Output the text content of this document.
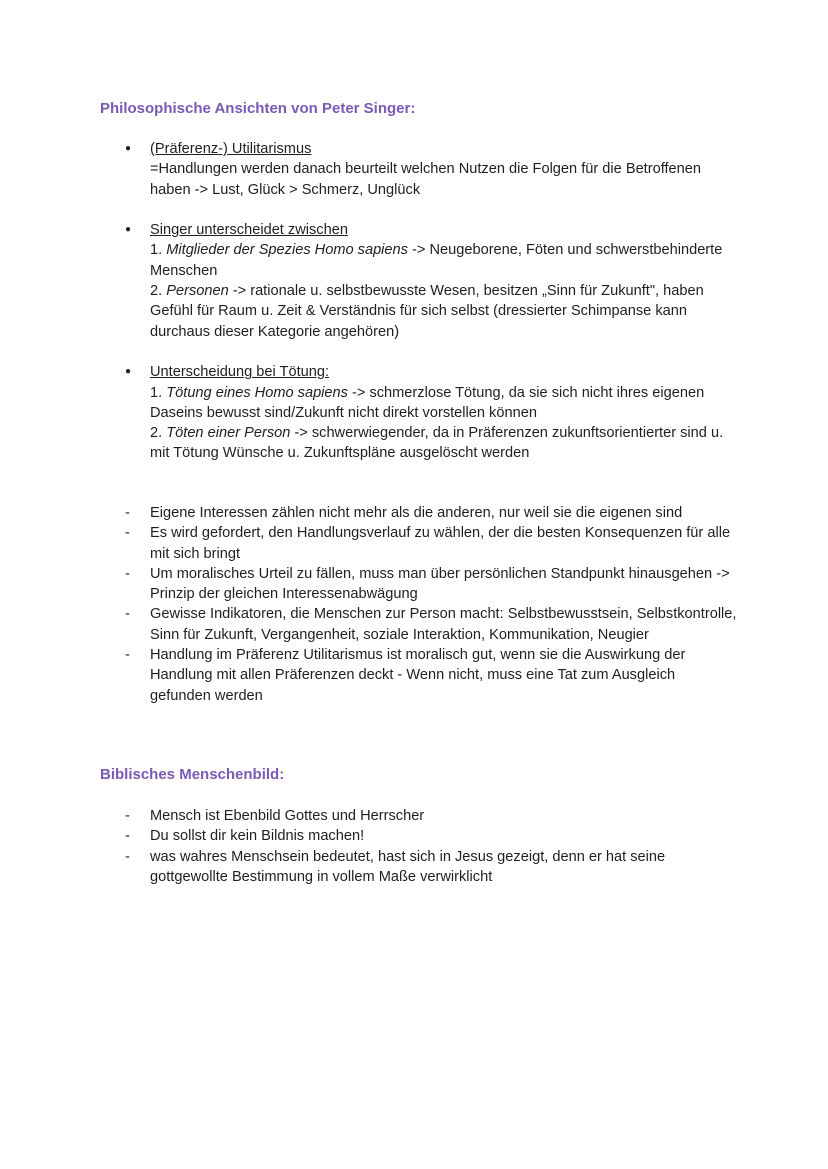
Philosophische Ansichten von Peter Singer:
● (Präferenz-) Utilitarismus
=Handlungen werden danach beurteilt welchen Nutzen die Folgen für die Betroffenen haben -> Lust, Glück > Schmerz, Unglück
● Singer unterscheidet zwischen
1. Mitglieder der Spezies Homo sapiens -> Neugeborene, Föten und schwerstbehinderte Menschen
2. Personen -> rationale u. selbstbewusste Wesen, besitzen „Sinn für Zukunft", haben Gefühl für Raum u. Zeit & Verständnis für sich selbst (dressierter Schimpanse kann durchaus dieser Kategorie angehören)
● Unterscheidung bei Tötung:
1. Tötung eines Homo sapiens -> schmerzlose Tötung, da sie sich nicht ihres eigenen Daseins bewusst sind/Zukunft nicht direkt vorstellen können
2. Töten einer Person -> schwerwiegender, da in Präferenzen zukunftsorientierter sind u. mit Tötung Wünsche u. Zukunftspläne ausgelöscht werden
- Eigene Interessen zählen nicht mehr als die anderen, nur weil sie die eigenen sind
- Es wird gefordert, den Handlungsverlauf zu wählen, der die besten Konsequenzen für alle mit sich bringt
- Um moralisches Urteil zu fällen, muss man über persönlichen Standpunkt hinausgehen -> Prinzip der gleichen Interessenabwägung
- Gewisse Indikatoren, die Menschen zur Person macht: Selbstbewusstsein, Selbstkontrolle, Sinn für Zukunft, Vergangenheit, soziale Interaktion, Kommunikation, Neugier
- Handlung im Präferenz Utilitarismus ist moralisch gut, wenn sie die Auswirkung der Handlung mit allen Präferenzen deckt - Wenn nicht, muss eine Tat zum Ausgleich gefunden werden
Biblisches Menschenbild:
- Mensch ist Ebenbild Gottes und Herrscher
- Du sollst dir kein Bildnis machen!
- was wahres Menschsein bedeutet, hast sich in Jesus gezeigt, denn er hat seine gottgewollte Bestimmung in vollem Maße verwirklicht
